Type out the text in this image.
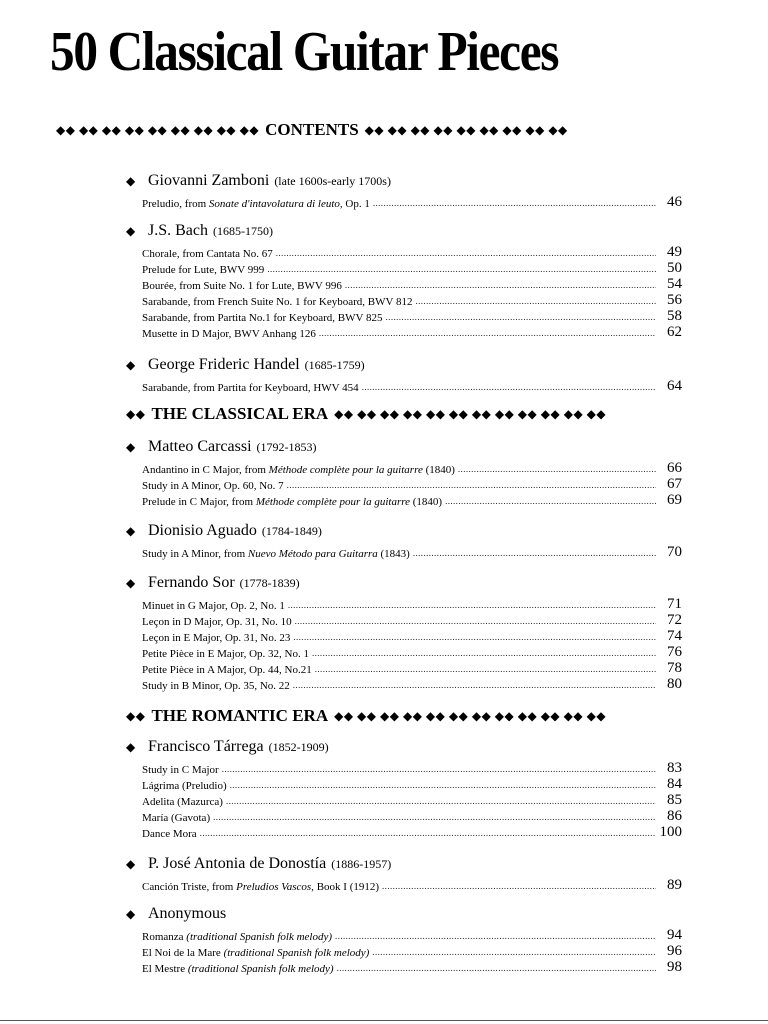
50 Classical Guitar Pieces
◆◆ ◆◆ ◆◆ ◆◆ ◆◆ ◆◆ ◆◆ ◆◆ ◆◆ CONTENTS ◆◆ ◆◆ ◆◆ ◆◆ ◆◆ ◆◆ ◆◆ ◆◆ ◆◆
◆◆ THE CLASSICAL ERA ◆◆ ◆◆ ◆◆ ◆◆ ◆◆ ◆◆ ◆◆ ◆◆ ◆◆ ◆◆ ◆◆ ◆◆
◆◆ THE ROMANTIC ERA ◆◆ ◆◆ ◆◆ ◆◆ ◆◆ ◆◆ ◆◆ ◆◆ ◆◆ ◆◆ ◆◆ ◆◆
◆ Giovanni Zamboni (late 1600s-early 1700s)
Preludio, from Sonate d'intavolatura di leuto, Op. 1 .....	46
◆ J.S. Bach (1685-1750)
Chorale, from Cantata No. 67 .....	49
Prelude for Lute, BWV 999 .....	50
Bourée, from Suite No. 1 for Lute, BWV 996 .....	54
Sarabande, from French Suite No. 1 for Keyboard, BWV 812 .....	56
Sarabande, from Partita No.1 for Keyboard, BWV 825 .....	58
Musette in D Major, BWV Anhang 126 .....	62
◆ George Frideric Handel (1685-1759)
Sarabande, from Partita for Keyboard, HWV 454 .....	64
◆ Matteo Carcassi (1792-1853)
Andantino in C Major, from Méthode complète pour la guitarre (1840) .....	66
Study in A Minor, Op. 60, No. 7 .....	67
Prelude in C Major, from Méthode complète pour la guitarre (1840) .....	69
◆ Dionisio Aguado (1784-1849)
Study in A Minor, from Nuevo Método para Guitarra (1843) .....	70
◆ Fernando Sor (1778-1839)
Minuet in G Major, Op. 2, No. 1 .....	71
Leçon in D Major, Op. 31, No. 10 .....	72
Leçon in E Major, Op. 31, No. 23 .....	74
Petite Pièce in E Major, Op. 32, No. 1 .....	76
Petite Pièce in A Major, Op. 44, No.21 .....	78
Study in B Minor, Op. 35, No. 22 .....	80
◆ Francisco Tárrega (1852-1909)
Study in C Major .....	83
Lágrima (Preludio) .....	84
Adelita (Mazurca) .....	85
María (Gavota) .....	86
Dance Mora .....	100
◆ P. José Antonia de Donostía (1886-1957)
Canción Triste, from Preludios Vascos, Book I (1912) .....	89
◆ Anonymous
Romanza (traditional Spanish folk melody) .....	94
El Noi de la Mare (traditional Spanish folk melody) .....	96
El Mestre (traditional Spanish folk melody) .....	98
